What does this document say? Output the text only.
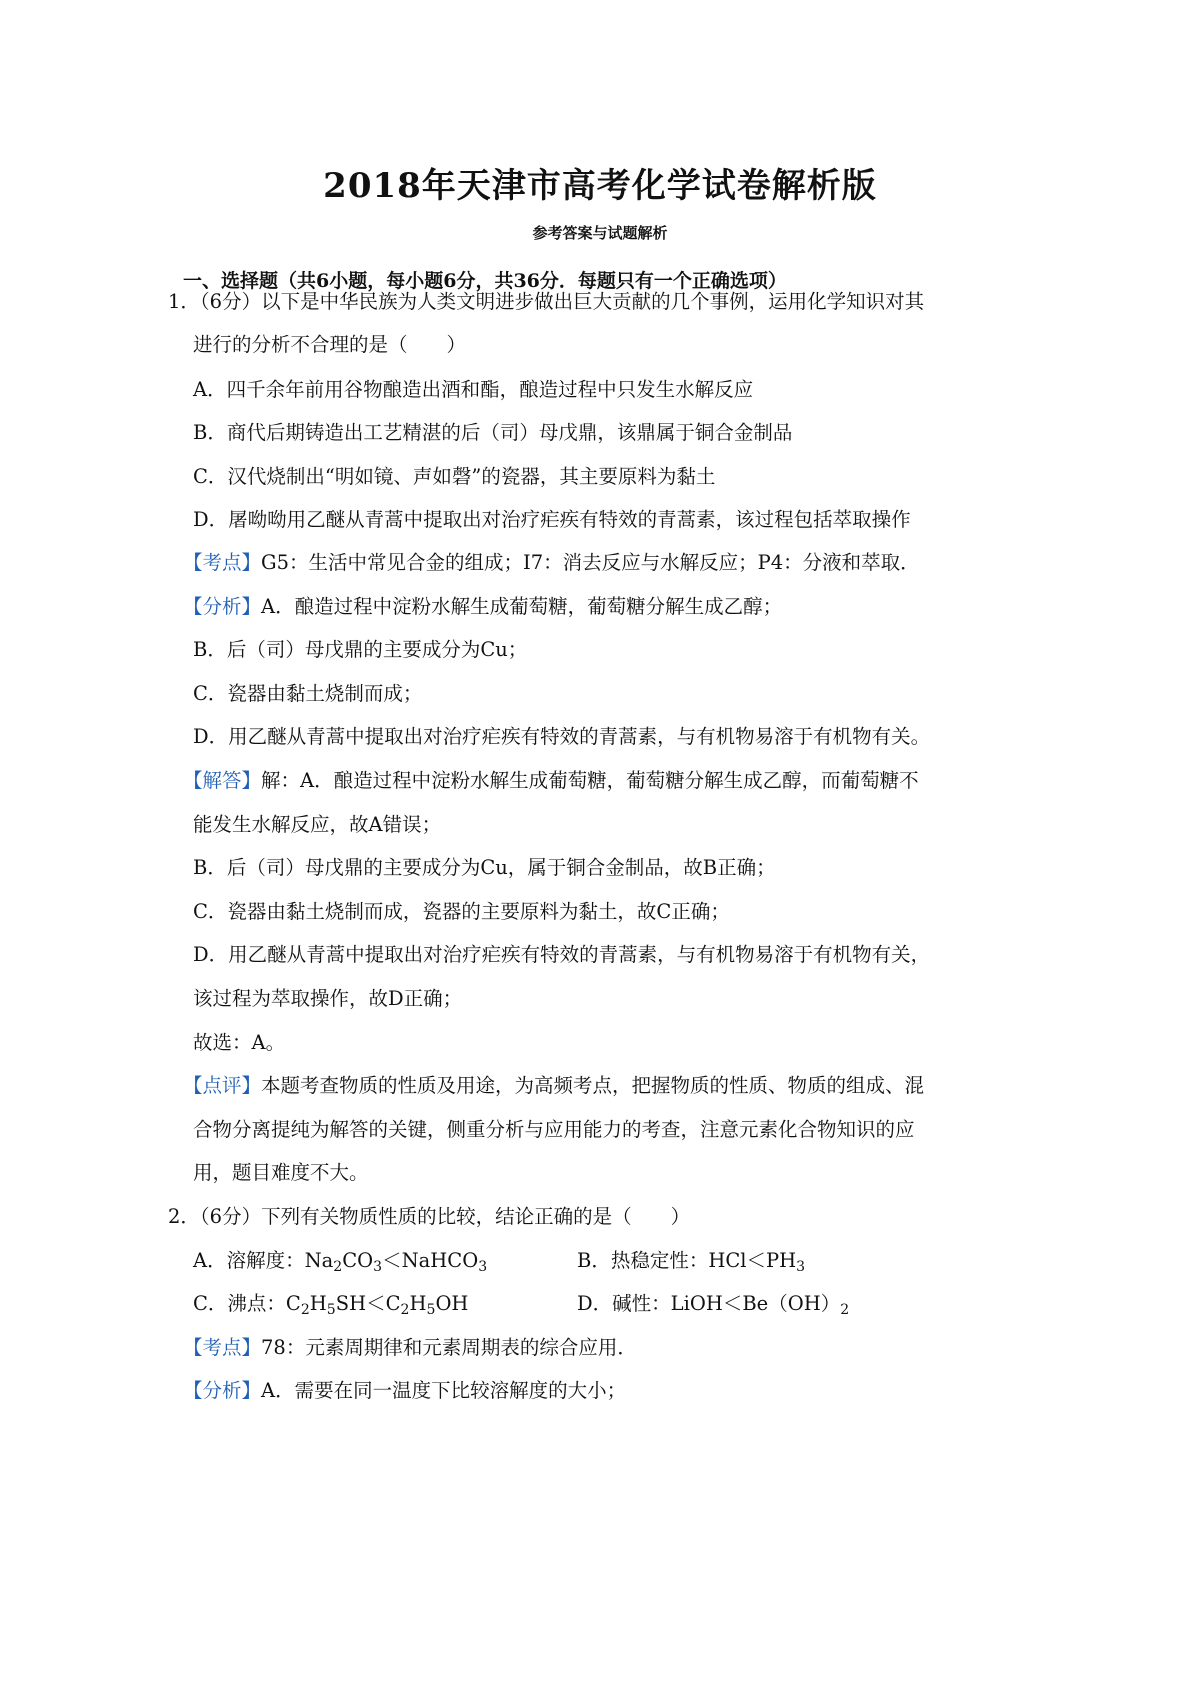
2018年天津市高考化学试卷解析版
参考答案与试题解析
一、选择题（共6小题，每小题6分，共36分．每题只有一个正确选项）
1．（6分）以下是中华民族为人类文明进步做出巨大贡献的几个事例，运用化学知识对其
进行的分析不合理的是（　　）
A．四千余年前用谷物酿造出酒和酯，酿造过程中只发生水解反应
B．商代后期铸造出工艺精湛的后（司）母戊鼎，该鼎属于铜合金制品
C．汉代烧制出“明如镜、声如磬”的瓷器，其主要原料为黏土
D．屠呦呦用乙醚从青蒿中提取出对治疗疟疾有特效的青蒿素，该过程包括萃取操作
【考点】G5：生活中常见合金的组成；I7：消去反应与水解反应；P4：分液和萃取．
【分析】A．酿造过程中淀粉水解生成葡萄糖，葡萄糖分解生成乙醇；
B．后（司）母戊鼎的主要成分为Cu；
C．瓷器由黏土烧制而成；
D．用乙醚从青蒿中提取出对治疗疟疾有特效的青蒿素，与有机物易溶于有机物有关。
【解答】解：A．酿造过程中淀粉水解生成葡萄糖，葡萄糖分解生成乙醇，而葡萄糖不
能发生水解反应，故A错误；
B．后（司）母戊鼎的主要成分为Cu，属于铜合金制品，故B正确；
C．瓷器由黏土烧制而成，瓷器的主要原料为黏土，故C正确；
D．用乙醚从青蒿中提取出对治疗疟疾有特效的青蒿素，与有机物易溶于有机物有关，
该过程为萃取操作，故D正确；
故选：A。
【点评】本题考查物质的性质及用途，为高频考点，把握物质的性质、物质的组成、混
合物分离提纯为解答的关键，侧重分析与应用能力的考查，注意元素化合物知识的应
用，题目难度不大。
2．（6分）下列有关物质性质的比较，结论正确的是（　　）
A．溶解度：$Na_2CO_3<NaHCO_3$	B．热稳定性：$HCl<PH_3$
C．沸点：$C_2H_5SH<C_2H_5OH$	D．碱性：$LiOH<Be(OH)_2$
【考点】78：元素周期律和元素周期表的综合应用．
【分析】A．需要在同一温度下比较溶解度的大小；
